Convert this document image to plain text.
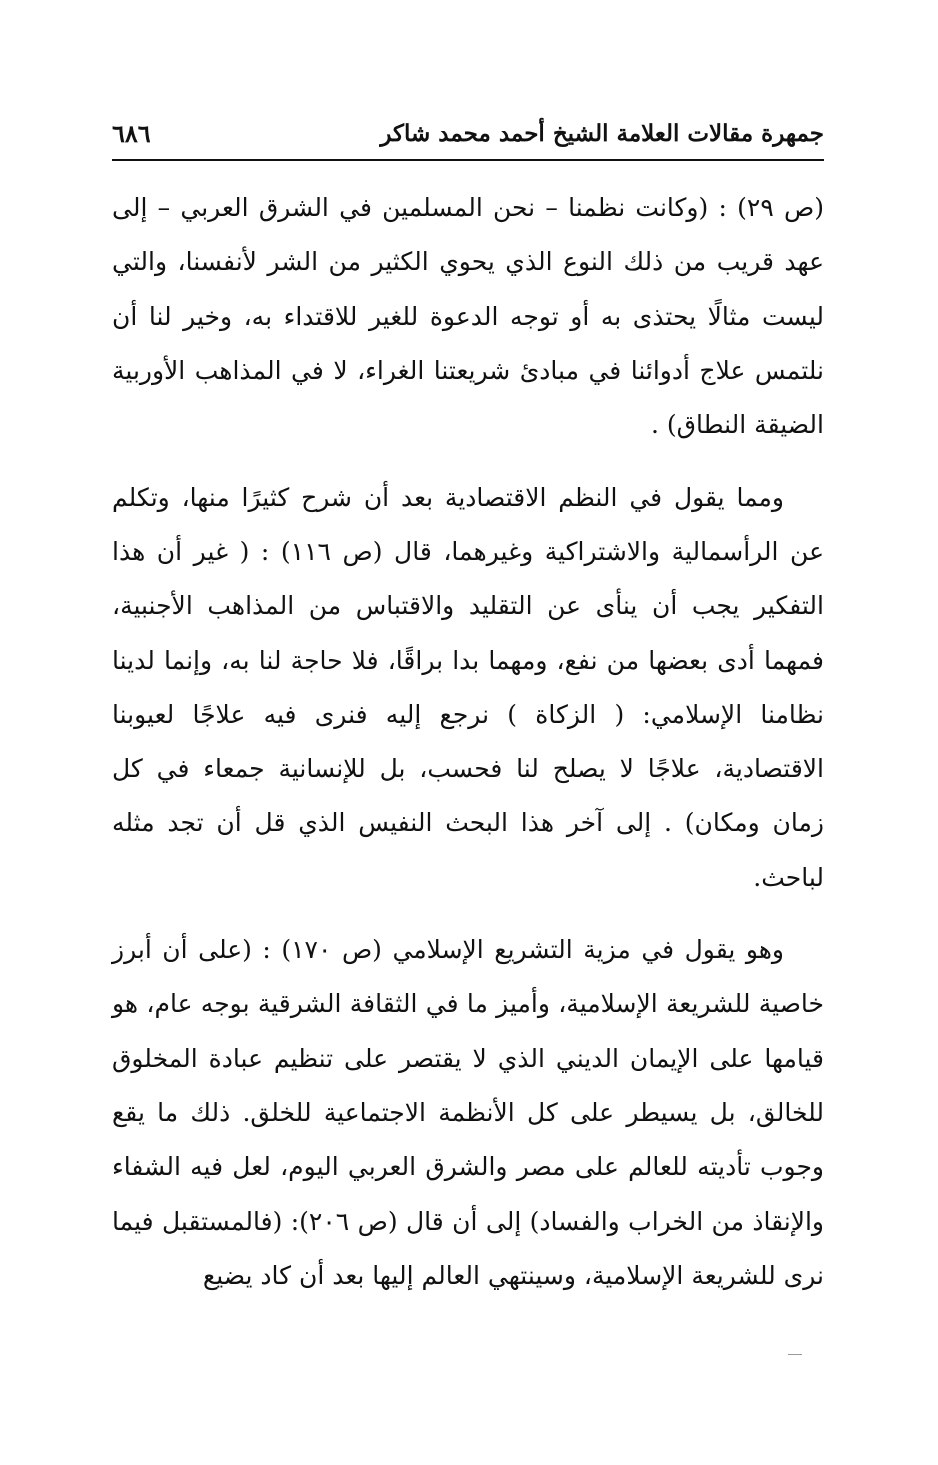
جمهرة مقالات العلامة الشيخ أحمد محمد شاكر
٦٨٦

(ص ٢٩) : (وكانت نظمنا – نحن المسلمين في الشرق العربي – إلى عهد قريب من ذلك النوع الذي يحوي الكثير من الشر لأنفسنا، والتي ليست مثالًا يحتذى به أو توجه الدعوة للغير للاقتداء به، وخير لنا أن نلتمس علاج أدوائنا في مبادئ شريعتنا الغراء، لا في المذاهب الأوربية الضيقة النطاق) .

ومما يقول في النظم الاقتصادية بعد أن شرح كثيرًا منها، وتكلم عن الرأسمالية والاشتراكية وغيرهما، قال (ص ١١٦) : ( غير أن هذا التفكير يجب أن ينأى عن التقليد والاقتباس من المذاهب الأجنبية، فمهما أدى بعضها من نفع، ومهما بدا براقًا، فلا حاجة لنا به، وإنما لدينا نظامنا الإسلامي: ( الزكاة ) نرجع إليه فنرى فيه علاجًا لعيوبنا الاقتصادية، علاجًا لا يصلح لنا فحسب، بل للإنسانية جمعاء في كل زمان ومكان) . إلى آخر هذا البحث النفيس الذي قل أن تجد مثله لباحث.

وهو يقول في مزية التشريع الإسلامي (ص ١٧٠) : (على أن أبرز خاصية للشريعة الإسلامية، وأميز ما في الثقافة الشرقية بوجه عام، هو قيامها على الإيمان الديني الذي لا يقتصر على تنظيم عبادة المخلوق للخالق، بل يسيطر على كل الأنظمة الاجتماعية للخلق. ذلك ما يقع وجوب تأديته للعالم على مصر والشرق العربي اليوم، لعل فيه الشفاء والإنقاذ من الخراب والفساد) إلى أن قال (ص ٢٠٦): (فالمستقبل فيما نرى للشريعة الإسلامية، وسينتهي العالم إليها بعد أن كاد يضيع
